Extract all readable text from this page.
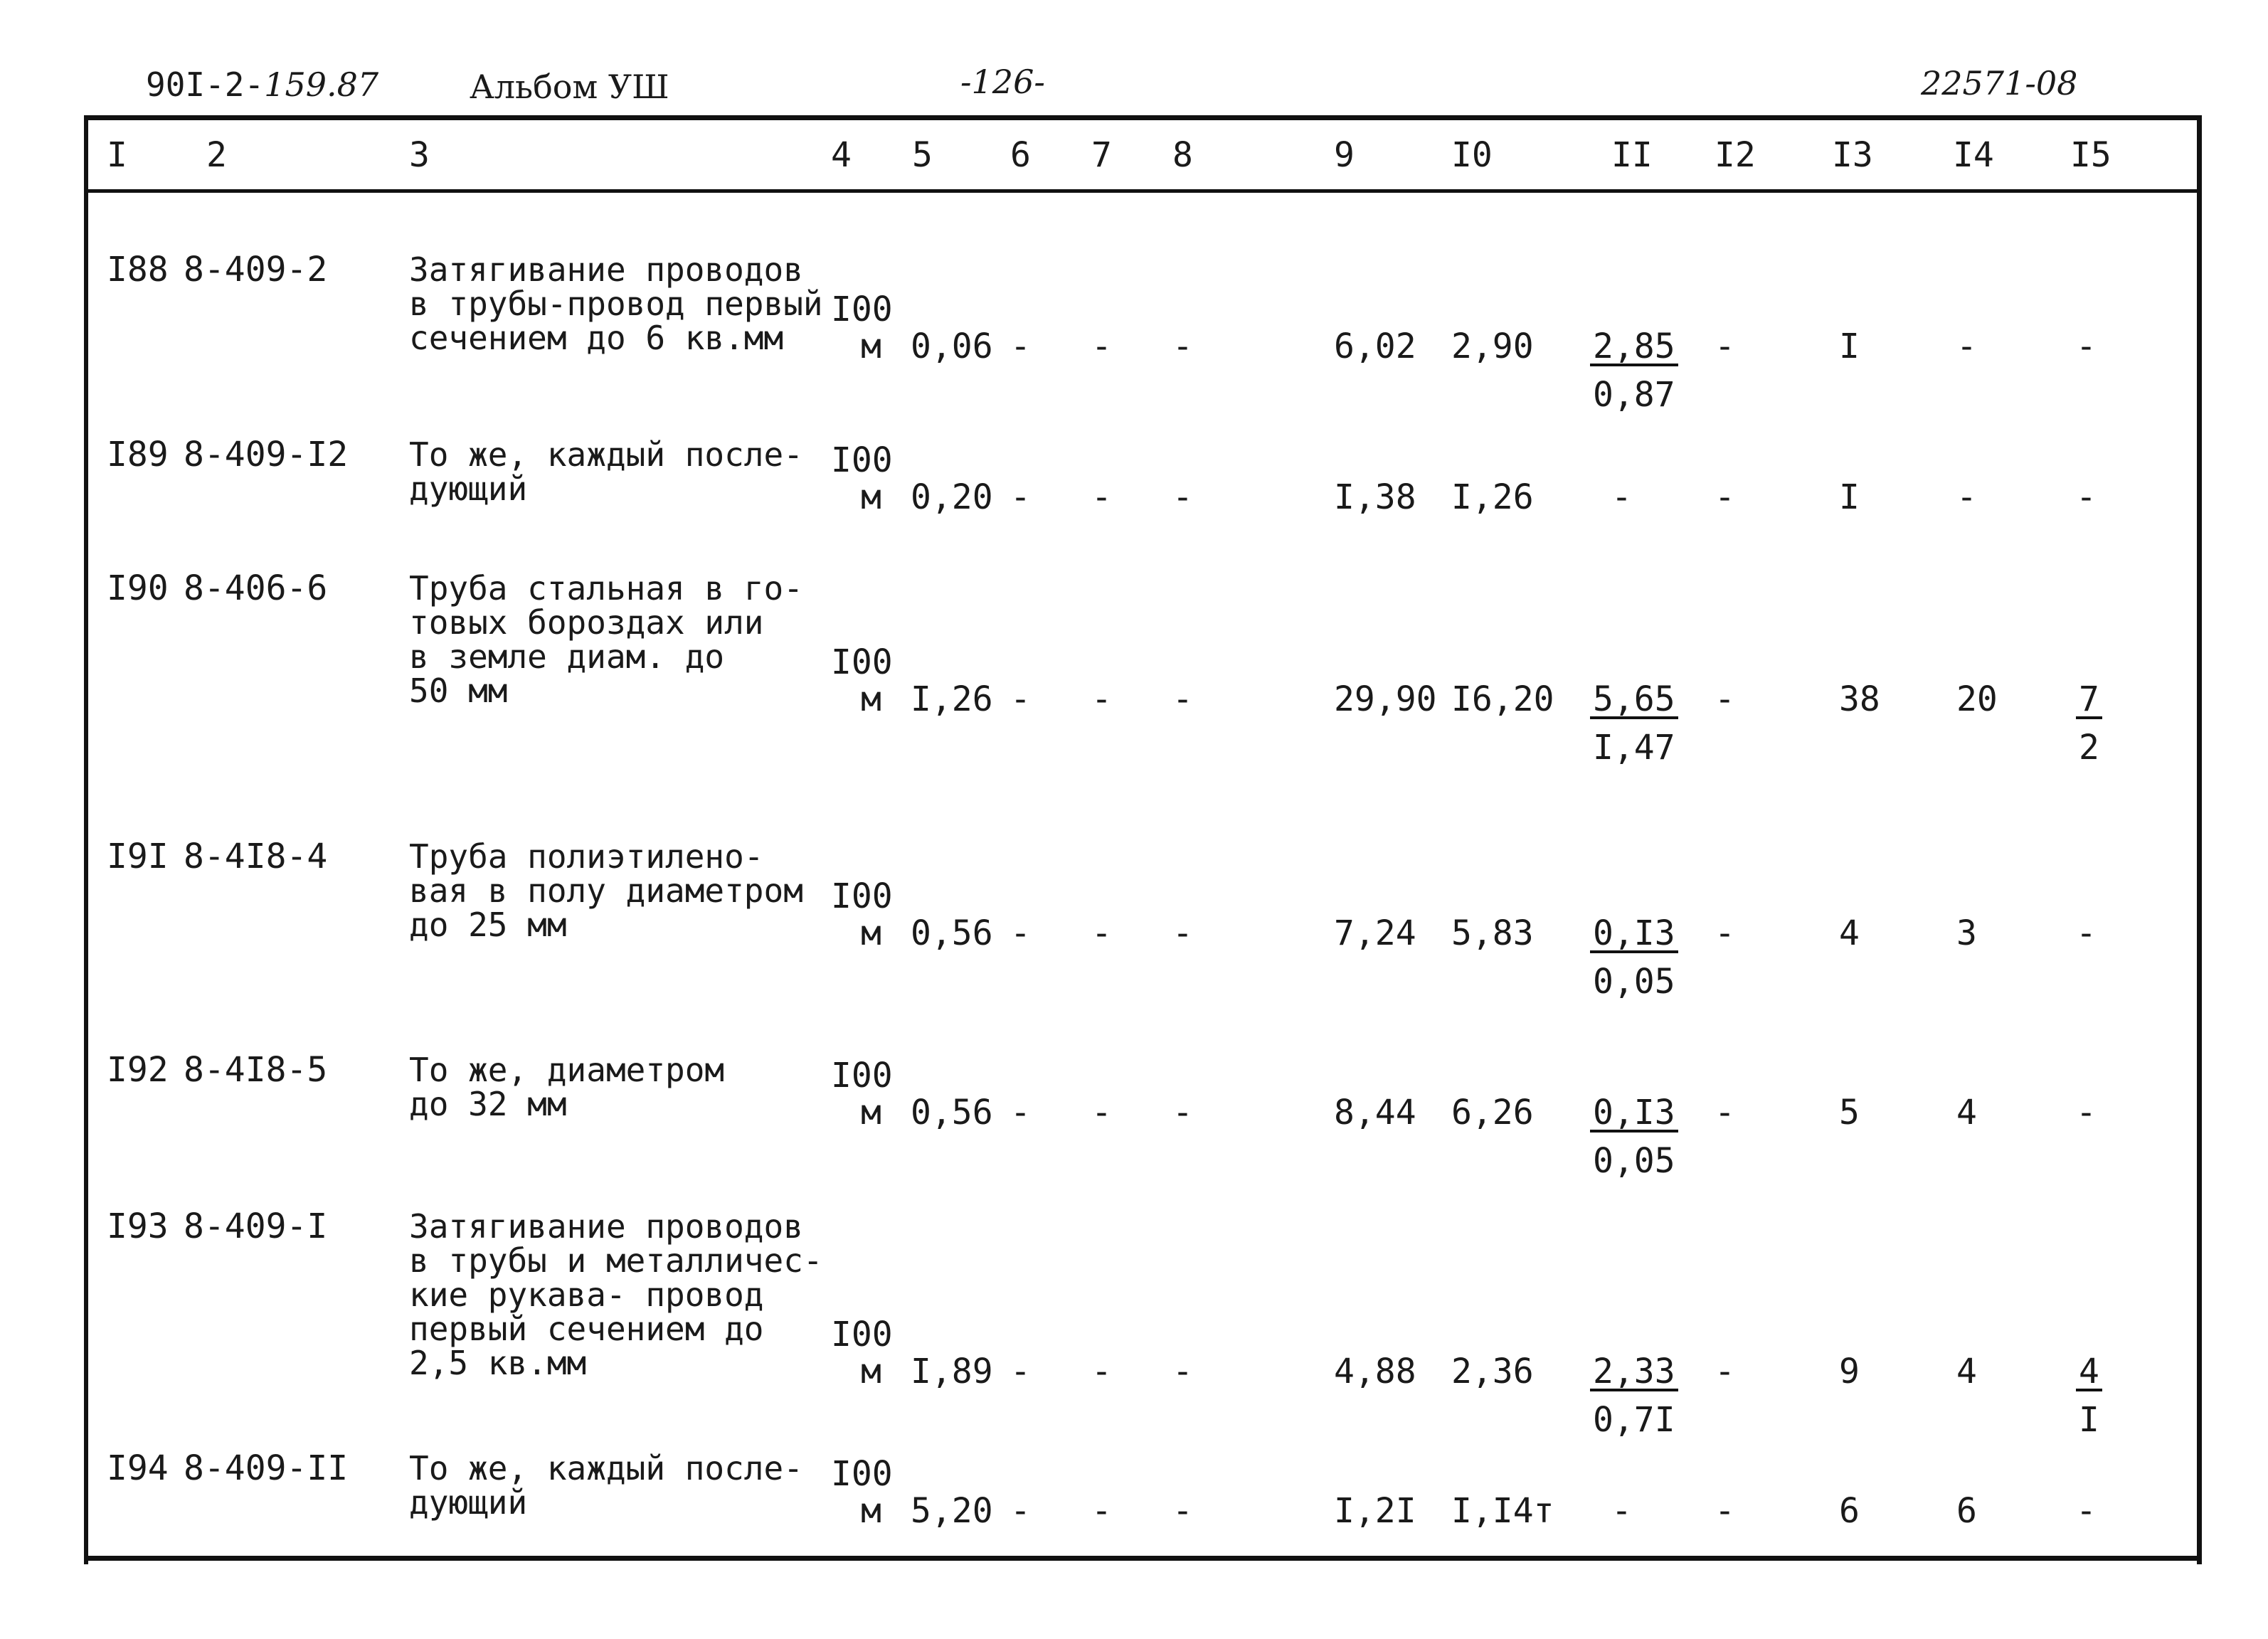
90I-2-159.87	Альбом УШ	-126-	22571-08
I 2	3	4 5 6 7 8	9	I0	II I2 I3 I4 I5
I88 8-409-2 Затягивание проводов
в трубы-провод первый
сечением до 6 кв.мм
I00
м 0,06 - - -	6,02 $2,90 \frac{2,85}{0,87}$ -	I	-	-
I89 8-409-I2 То же, каждый после-
дующий
I00
м 0,20 - - -	I,38 I,26 - -	I	-	-
I90 8-406-6 Труба стальная в го-
товых бороздах или
в земле диам. до
50 мм
I00
м I,26 - - -	29,90 $I6,20 \frac{5,65}{I,47}$ -	38 $20 \frac{7}{2}$
I9I 8-4I8-4 Труба полиэтилено-
вая в полу диаметром
до 25 мм
I00
м 0,56 - - -	7,24 $5,83 \frac{0,I3}{0,05}$ -	4	3	-
I92 8-4I8-5 То же, диаметром
до 32 мм
I00
м 0,56 - - -	8,44 $6,26 \frac{0,I3}{0,05}$ -	5	4	-
I93 8-409-I Затягивание проводов
в трубы и металличес-
кие рукава- провод
первый сечением до
2,5 кв.мм
I00
м I,89 - - -	4,88 $2,36 \frac{2,33}{0,7I}$ -	9	4	$\frac{4}{I}$
I94 8-409-II То же, каждый после-
дующий
I00
м 5,20 - - -	I,2I I,I4т - -	6	6	-
